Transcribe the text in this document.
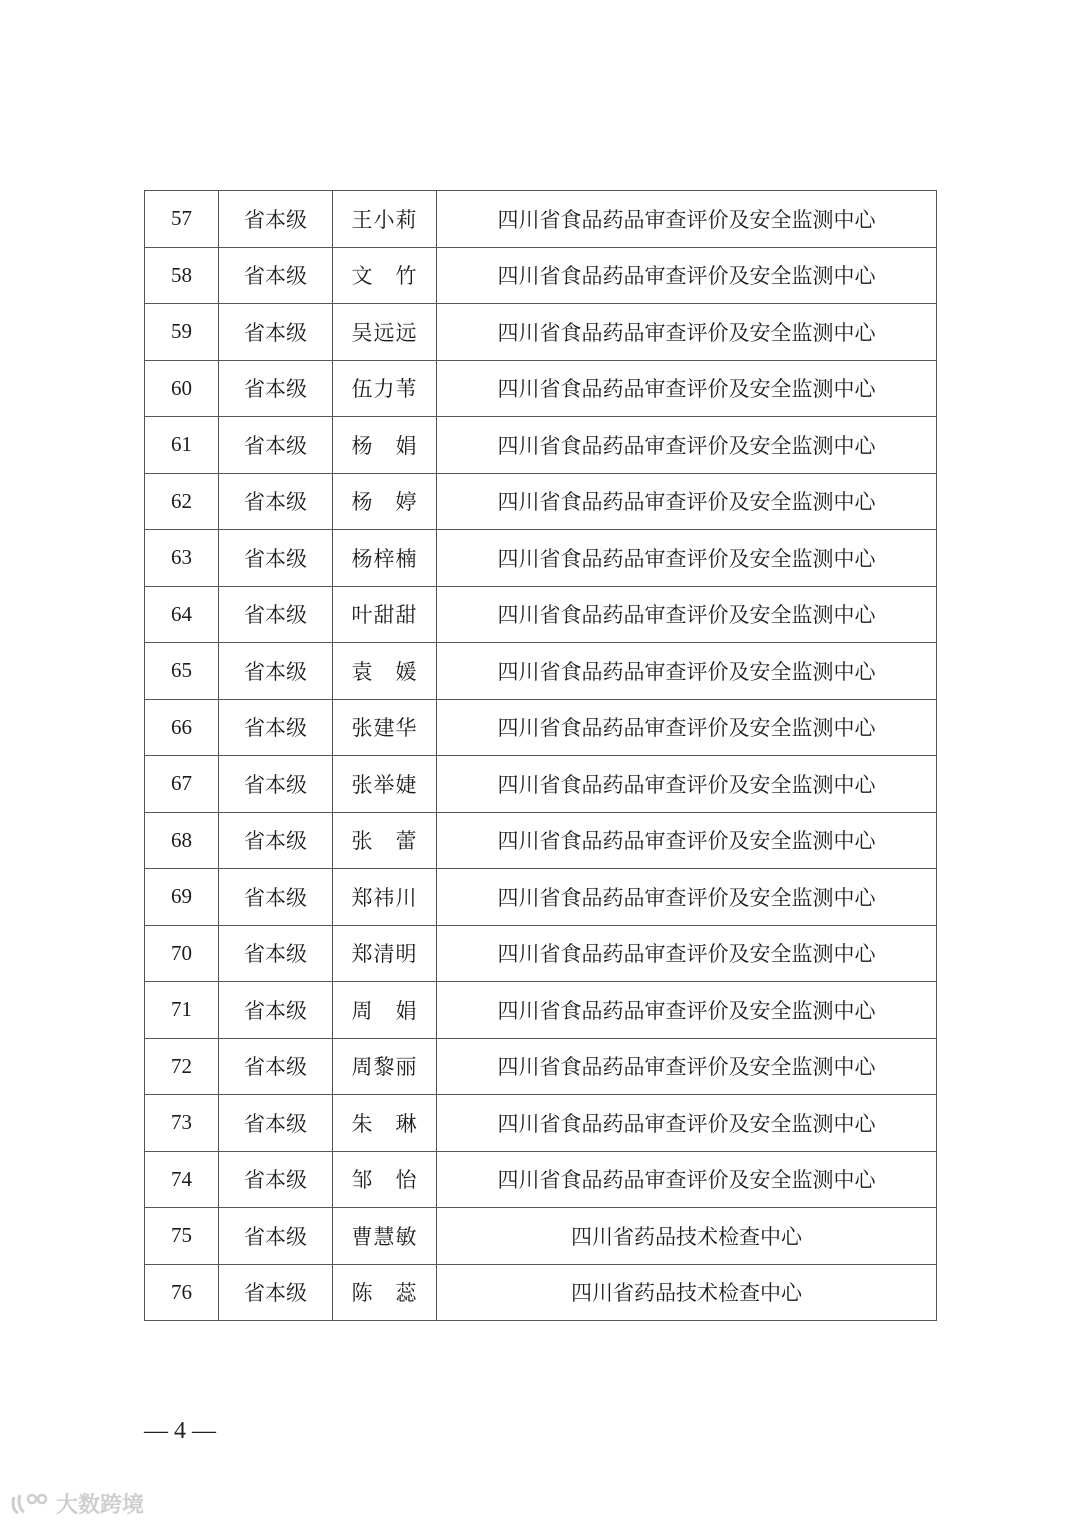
57	省本级	王小莉	四川省食品药品审查评价及安全监测中心
58	省本级	文　竹	四川省食品药品审查评价及安全监测中心
59	省本级	吴远远	四川省食品药品审查评价及安全监测中心
60	省本级	伍力苇	四川省食品药品审查评价及安全监测中心
61	省本级	杨　娟	四川省食品药品审查评价及安全监测中心
62	省本级	杨　婷	四川省食品药品审查评价及安全监测中心
63	省本级	杨梓楠	四川省食品药品审查评价及安全监测中心
64	省本级	叶甜甜	四川省食品药品审查评价及安全监测中心
65	省本级	袁　媛	四川省食品药品审查评价及安全监测中心
66	省本级	张建华	四川省食品药品审查评价及安全监测中心
67	省本级	张举婕	四川省食品药品审查评价及安全监测中心
68	省本级	张　蕾	四川省食品药品审查评价及安全监测中心
69	省本级	郑祎川	四川省食品药品审查评价及安全监测中心
70	省本级	郑清明	四川省食品药品审查评价及安全监测中心
71	省本级	周　娟	四川省食品药品审查评价及安全监测中心
72	省本级	周黎丽	四川省食品药品审查评价及安全监测中心
73	省本级	朱　琳	四川省食品药品审查评价及安全监测中心
74	省本级	邹　怡	四川省食品药品审查评价及安全监测中心
75	省本级	曹慧敏	四川省药品技术检查中心
76	省本级	陈　蕊	四川省药品技术检查中心
— 4 —
大数跨境
